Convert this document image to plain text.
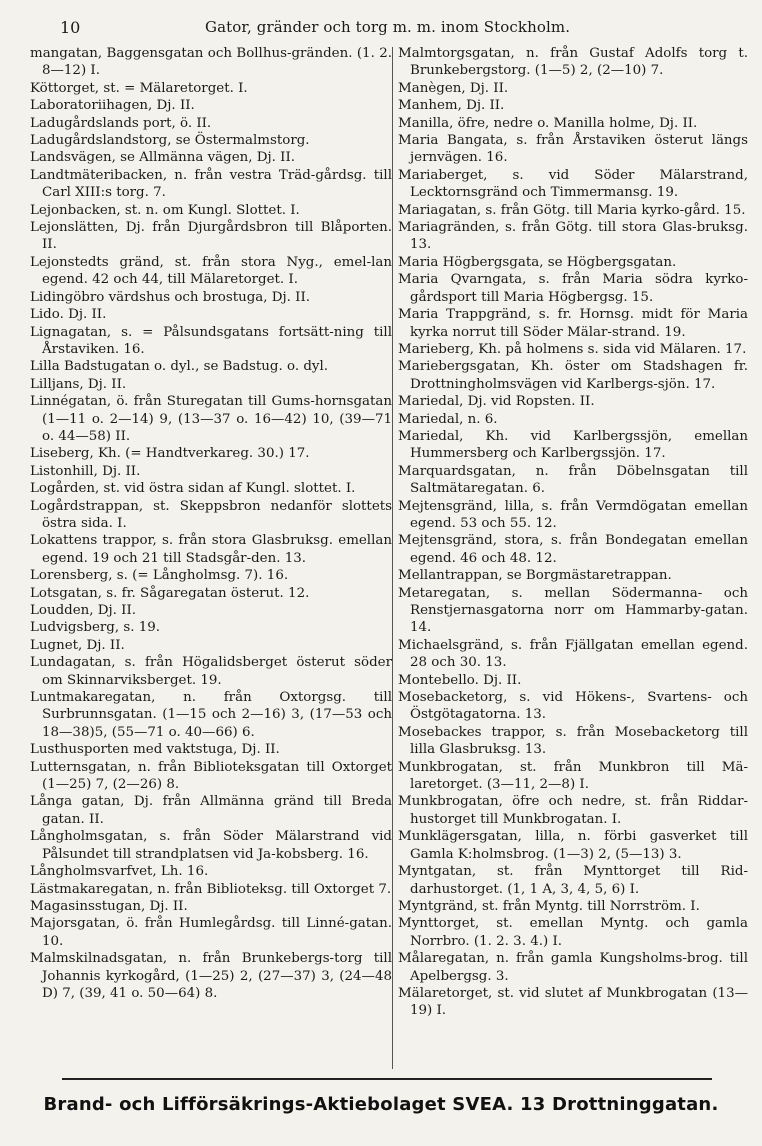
10	Gator, gränder och torg m. m. inom Stockholm.
mangatan, Baggensgatan och Bollhus-gränden. (1. 2. 8—12) I.
Köttorget, st. = Mälaretorget. I.
Laboratoriihagen, Dj. II.
Ladugårdslands port, ö. II.
Ladugårdslandstorg, se Östermalmstorg.
Landsvägen, se Allmänna vägen, Dj. II.
Landtmäteribacken, n. från vestra Träd-gårdsg. till Carl XIII:s torg. 7.
Lejonbacken, st. n. om Kungl. Slottet. I.
Lejonslätten, Dj. från Djurgårdsbron till Blåporten. II.
Lejonstedts gränd, st. från stora Nyg., emel-lan egend. 42 och 44, till Mälaretorget. I.
Lidingöbro värdshus och brostuga, Dj. II.
Lido. Dj. II.
Lignagatan, s. = Pålsundsgatans fortsätt-ning till Årstaviken. 16.
Lilla Badstugatan o. dyl., se Badstug. o. dyl.
Lilljans, Dj. II.
Linnégatan, ö. från Sturegatan till Gums-hornsgatan (1—11 o. 2—14) 9, (13—37 o. 16—42) 10, (39—71 o. 44—58) II.
Liseberg, Kh. (= Handtverkareg. 30.) 17.
Listonhill, Dj. II.
Logården, st. vid östra sidan af Kungl. slottet. I.
Logårdstrappan, st. Skeppsbron nedanför slottets östra sida. I.
Lokattens trappor, s. från stora Glasbruksg. emellan egend. 19 och 21 till Stadsgår-den. 13.
Lorensberg, s. (= Långholmsg. 7). 16.
Lotsgatan, s. fr. Sågaregatan österut. 12.
Loudden, Dj. II.
Ludvigsberg, s. 19.
Lugnet, Dj. II.
Lundagatan, s. från Högalidsberget österut söder om Skinnarviksberget. 19.
Luntmakaregatan, n. från Oxtorgsg. till Surbrunnsgatan. (1—15 och 2—16) 3, (17—53 och 18—38)5, (55—71 o. 40—66) 6.
Lusthusporten med vaktstuga, Dj. II.
Lutternsgatan, n. från Biblioteksgatan till Oxtorget (1—25) 7, (2—26) 8.
Långa gatan, Dj. från Allmänna gränd till Breda gatan. II.
Långholmsgatan, s. från Söder Mälarstrand vid Pålsundet till strandplatsen vid Ja-kobsberg. 16.
Långholmsvarfvet, Lh. 16.
Lästmakaregatan, n. från Biblioteksg. till Oxtorget 7.
Magasinsstugan, Dj. II.
Majorsgatan, ö. från Humlegårdsg. till Linné-gatan. 10.
Malmskilnadsgatan, n. från Brunkebergs-torg till Johannis kyrkogård, (1—25) 2, (27—37) 3, (24—48 D) 7, (39, 41 o. 50—64) 8.
Malmtorgsgatan, n. från Gustaf Adolfs torg t. Brunkebergstorg. (1—5) 2, (2—10) 7.
Manègen, Dj. II.
Manhem, Dj. II.
Manilla, öfre, nedre o. Manilla holme, Dj. II.
Maria Bangata, s. från Årstaviken österut längs jernvägen. 16.
Mariaberget, s. vid Söder Mälarstrand, Lecktornsgränd och Timmermansg. 19.
Mariagatan, s. från Götg. till Maria kyrko-gård. 15.
Mariagränden, s. från Götg. till stora Glas-bruksg. 13.
Maria Högbergsgata, se Högbergsgatan.
Maria Qvarngata, s. från Maria södra kyrko-gårdsport till Maria Högbergsg. 15.
Maria Trappgränd, s. fr. Hornsg. midt för Maria kyrka norrut till Söder Mälar-strand. 19.
Marieberg, Kh. på holmens s. sida vid Mälaren. 17.
Mariebergsgatan, Kh. öster om Stadshagen fr. Drottningholmsvägen vid Karlbergs-sjön. 17.
Mariedal, Dj. vid Ropsten. II.
Mariedal, n. 6.
Mariedal, Kh. vid Karlbergssjön, emellan Hummersberg och Karlbergssjön. 17.
Marquardsgatan, n. från Döbelnsgatan till Saltmätaregatan. 6.
Mejtensgränd, lilla, s. från Vermdögatan emellan egend. 53 och 55. 12.
Mejtensgränd, stora, s. från Bondegatan emellan egend. 46 och 48. 12.
Mellantrappan, se Borgmästaretrappan.
Metaregatan, s. mellan Södermanna- och Renstjernasgatorna norr om Hammarby-gatan. 14.
Michaelsgränd, s. från Fjällgatan emellan egend. 28 och 30. 13.
Montebello. Dj. II.
Mosebacketorg, s. vid Hökens-, Svartens- och Östgötagatorna. 13.
Mosebackes trappor, s. från Mosebacketorg till lilla Glasbruksg. 13.
Munkbrogatan, st. från Munkbron till Mä-laretorget. (3—11, 2—8) I.
Munkbrogatan, öfre och nedre, st. från Riddar-hustorget till Munkbrogatan. I.
Munklägersgatan, lilla, n. förbi gasverket till Gamla K:holmsbrog. (1—3) 2, (5—13) 3.
Myntgatan, st. från Mynttorget till Rid-darhustorget. (1, 1 A, 3, 4, 5, 6) I.
Myntgränd, st. från Myntg. till Norrström. I.
Mynttorget, st. emellan Myntg. och gamla Norrbro. (1. 2. 3. 4.) I.
Målaregatan, n. från gamla Kungsholms-brog. till Apelbergsg. 3.
Mälaretorget, st. vid slutet af Munkbrogatan (13—19) I.
Brand- och Lifförsäkrings-Aktiebolaget SVEA. 13 Drottninggatan.
